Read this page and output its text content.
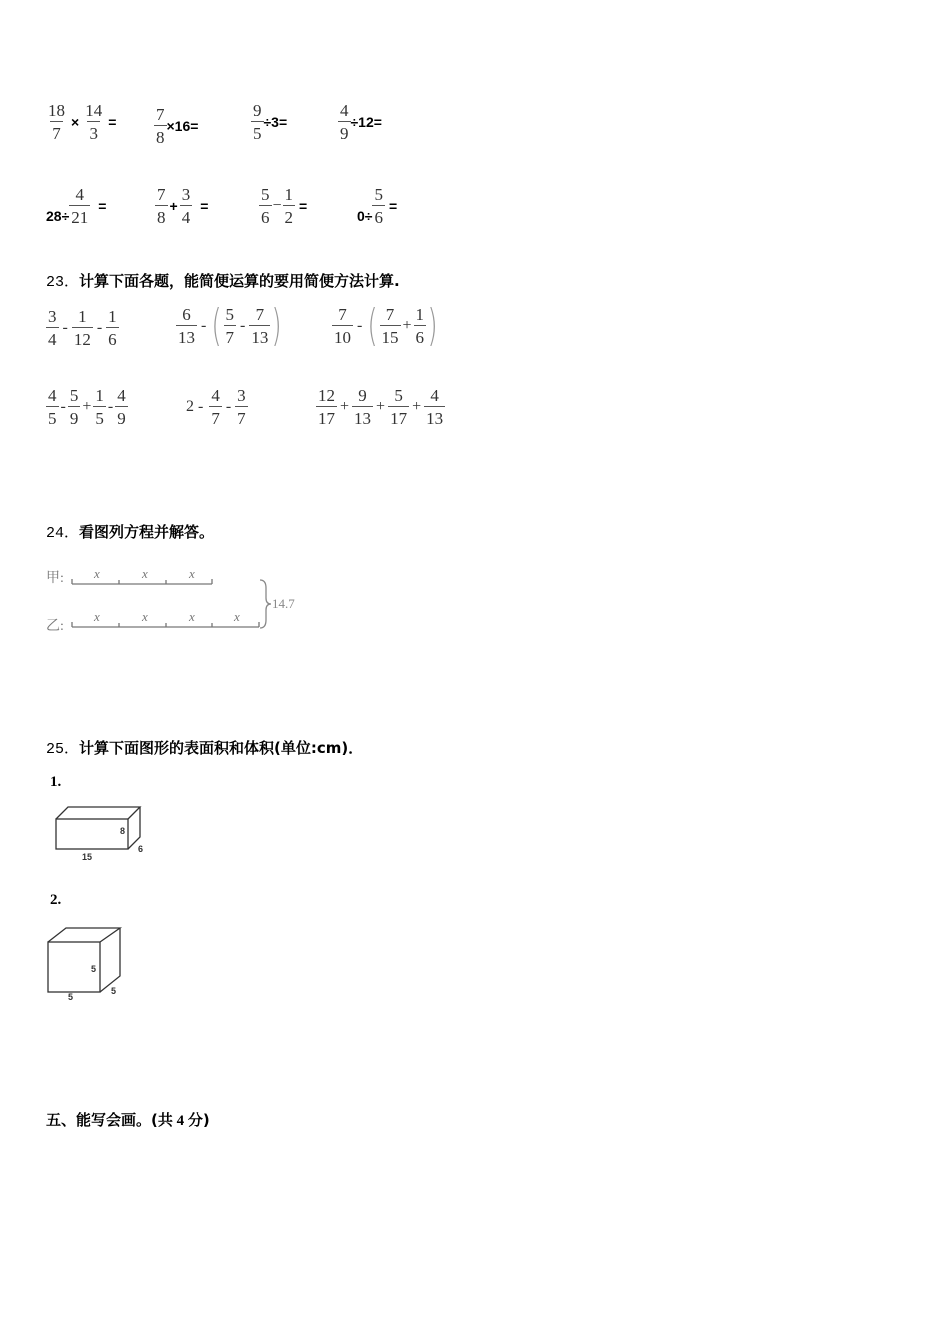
$\frac{18}{7} \times \frac{14}{3} = \frac{7}{8} \times 16=$	$\frac{9}{5} \div 3=$	$\frac{4}{9} \div 12=$
$28\div \frac{4}{21}$ =	$\frac{7}{8} + \frac{3}{4}$ =	$\frac{5}{6} - \frac{1}{2}$ =
$0\div \frac{5}{6}$ =
23．计算下面各题，能简便运算的要用简便方法计算.
$\frac{3}{4} - \frac{1}{12} - \frac{1}{6}$	$\frac{6}{13}$ - ( $\frac{5}{7} - \frac{7}{13}$ )	$\frac{7}{10}$ - ( $\frac{7}{15} + \frac{1}{6}$ )
$\frac{4}{5} - \frac{5}{9} + \frac{1}{5} - \frac{4}{9}$	$2 - \frac{4}{7} - \frac{3}{7}$	$\frac{12}{17} + \frac{9}{13} + \frac{5}{17} + \frac{4}{13}$
24．看图列方程并解答。
甲:
乙:
x	x	x
x	x	x	x
14.7
25．计算下面图形的表面积和体积(单位:cm)．
1.
8
15
6
2.
5
5
5
五、能写会画。(共 4 分)
